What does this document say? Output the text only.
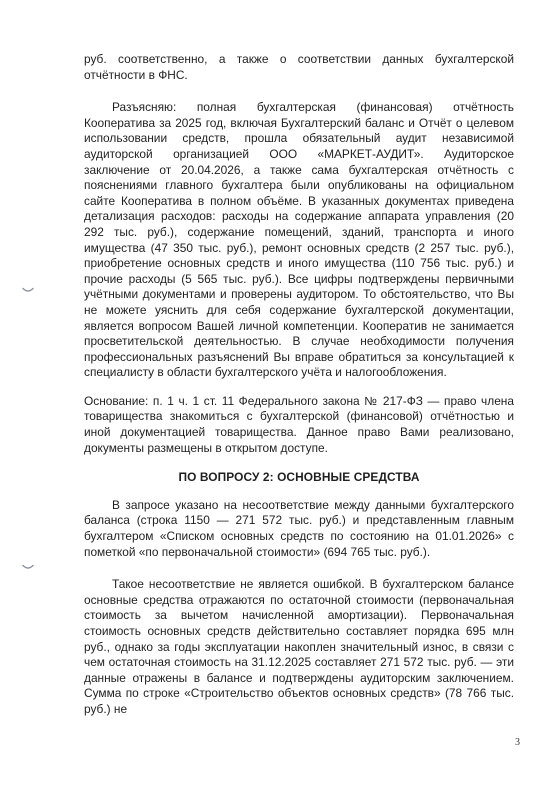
руб. соответственно, а также о соответствии данных бухгалтерской отчётности в ФНС.

Разъясняю: полная бухгалтерская (финансовая) отчётность Кооператива за 2025 год, включая Бухгалтерский баланс и Отчёт о целевом использовании средств, прошла обязательный аудит независимой аудиторской организацией ООО «МАРКЕТ-АУДИТ». Аудиторское заключение от 20.04.2026, а также сама бухгалтерская отчётность с пояснениями главного бухгалтера были опубликованы на официальном сайте Кооператива в полном объёме. В указанных документах приведена детализация расходов: расходы на содержание аппарата управления (20 292 тыс. руб.), содержание помещений, зданий, транспорта и иного имущества (47 350 тыс. руб.), ремонт основных средств (2 257 тыс. руб.), приобретение основных средств и иного имущества (110 756 тыс. руб.) и прочие расходы (5 565 тыс. руб.). Все цифры подтверждены первичными учётными документами и проверены аудитором. То обстоятельство, что Вы не можете уяснить для себя содержание бухгалтерской документации, является вопросом Вашей личной компетенции. Кооператив не занимается просветительской деятельностью. В случае необходимости получения профессиональных разъяснений Вы вправе обратиться за консультацией к специалисту в области бухгалтерского учёта и налогообложения.

Основание: п. 1 ч. 1 ст. 11 Федерального закона № 217-ФЗ — право члена товарищества знакомиться с бухгалтерской (финансовой) отчётностью и иной документацией товарищества. Данное право Вами реализовано, документы размещены в открытом доступе.

ПО ВОПРОСУ 2: ОСНОВНЫЕ СРЕДСТВА

В запросе указано на несоответствие между данными бухгалтерского баланса (строка 1150 — 271 572 тыс. руб.) и представленным главным бухгалтером «Списком основных средств по состоянию на 01.01.2026» с пометкой «по первоначальной стоимости» (694 765 тыс. руб.).

Такое несоответствие не является ошибкой. В бухгалтерском балансе основные средства отражаются по остаточной стоимости (первоначальная стоимость за вычетом начисленной амортизации). Первоначальная стоимость основных средств действительно составляет порядка 695 млн руб., однако за годы эксплуатации накоплен значительный износ, в связи с чем остаточная стоимость на 31.12.2025 составляет 271 572 тыс. руб. — эти данные отражены в балансе и подтверждены аудиторским заключением. Сумма по строке «Строительство объектов основных средств» (78 766 тыс. руб.) не

3
